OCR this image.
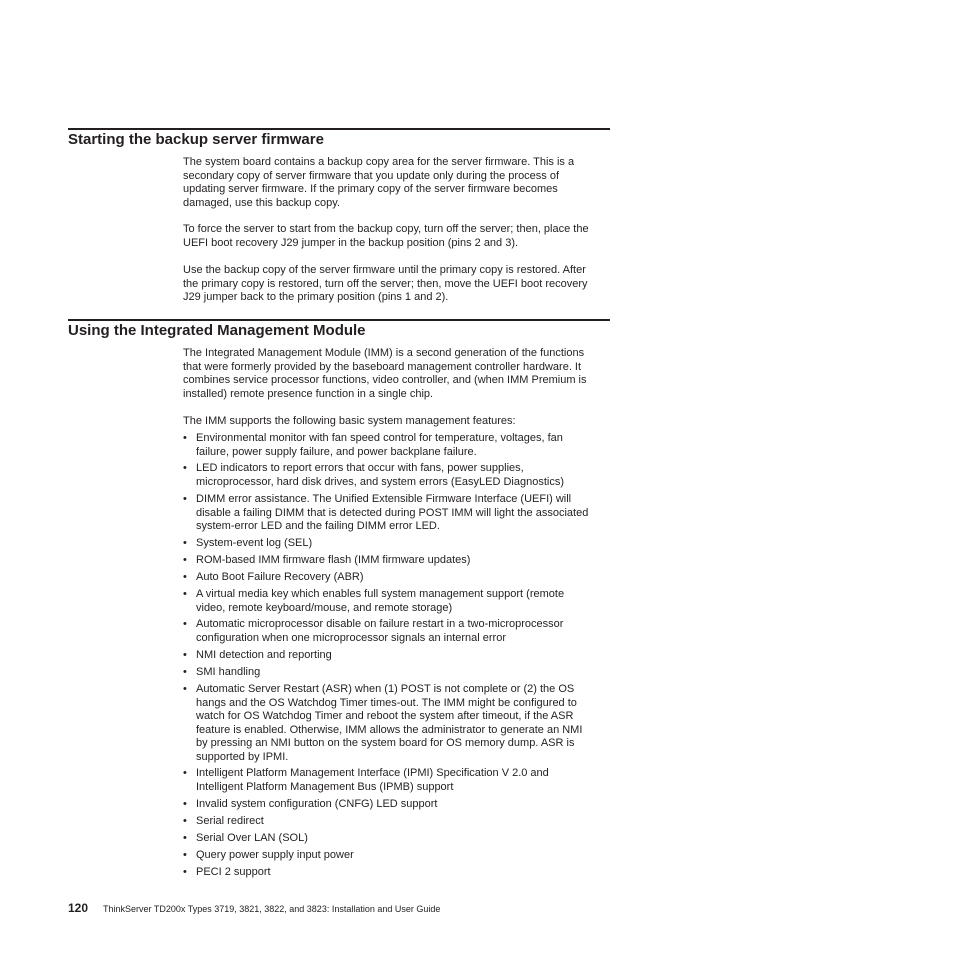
Starting the backup server firmware

The system board contains a backup copy area for the server firmware. This is a
secondary copy of server firmware that you update only during the process of
updating server firmware. If the primary copy of the server firmware becomes
damaged, use this backup copy.

To force the server to start from the backup copy, turn off the server; then, place the
UEFI boot recovery J29 jumper in the backup position (pins 2 and 3).

Use the backup copy of the server firmware until the primary copy is restored. After
the primary copy is restored, turn off the server; then, move the UEFI boot recovery
J29 jumper back to the primary position (pins 1 and 2).

Using the Integrated Management Module

The Integrated Management Module (IMM) is a second generation of the functions
that were formerly provided by the baseboard management controller hardware. It
combines service processor functions, video controller, and (when IMM Premium is
installed) remote presence function in a single chip.

The IMM supports the following basic system management features:

• Environmental monitor with fan speed control for temperature, voltages, fan
failure, power supply failure, and power backplane failure.
• LED indicators to report errors that occur with fans, power supplies,
microprocessor, hard disk drives, and system errors (EasyLED Diagnostics)
• DIMM error assistance. The Unified Extensible Firmware Interface (UEFI) will
disable a failing DIMM that is detected during POST IMM will light the associated
system-error LED and the failing DIMM error LED.
• System-event log (SEL)
• ROM-based IMM firmware flash (IMM firmware updates)
• Auto Boot Failure Recovery (ABR)
• A virtual media key which enables full system management support (remote
video, remote keyboard/mouse, and remote storage)
• Automatic microprocessor disable on failure restart in a two-microprocessor
configuration when one microprocessor signals an internal error
• NMI detection and reporting
• SMI handling
• Automatic Server Restart (ASR) when (1) POST is not complete or (2) the OS
hangs and the OS Watchdog Timer times-out. The IMM might be configured to
watch for OS Watchdog Timer and reboot the system after timeout, if the ASR
feature is enabled. Otherwise, IMM allows the administrator to generate an NMI
by pressing an NMI button on the system board for OS memory dump. ASR is
supported by IPMI.
• Intelligent Platform Management Interface (IPMI) Specification V 2.0 and
Intelligent Platform Management Bus (IPMB) support
• Invalid system configuration (CNFG) LED support
• Serial redirect
• Serial Over LAN (SOL)
• Query power supply input power
• PECI 2 support
120 ThinkServer TD200x Types 3719, 3821, 3822, and 3823: Installation and User Guide
